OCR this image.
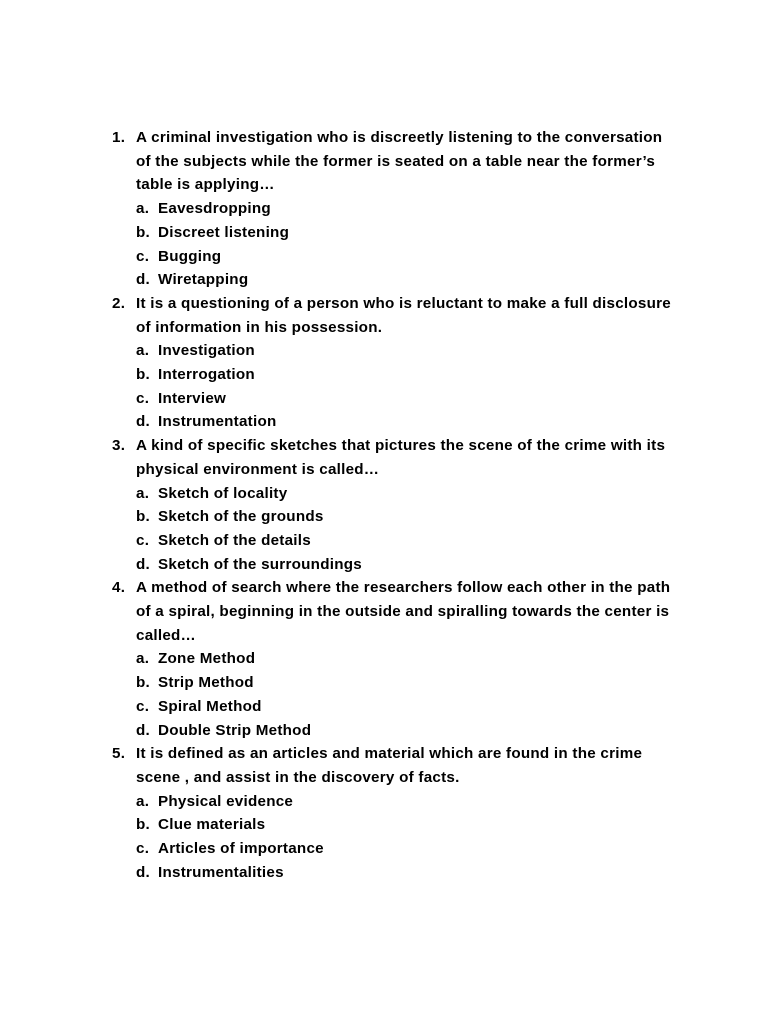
1. A criminal investigation who is discreetly listening to the conversation of the subjects while the former is seated on a table near the former’s table is applying…
a. Eavesdropping
b. Discreet listening
c. Bugging
d. Wiretapping
2. It is a questioning of a person who is reluctant to make a full disclosure of information in his possession.
a. Investigation
b. Interrogation
c. Interview
d. Instrumentation
3. A kind of specific sketches that pictures the scene of the crime with its physical environment is called…
a. Sketch of locality
b. Sketch of the grounds
c. Sketch of the details
d. Sketch of the surroundings
4. A method of search where the researchers follow each other in the path of a spiral, beginning in the outside and spiralling towards the center is called…
a. Zone Method
b. Strip Method
c. Spiral Method
d. Double Strip Method
5. It is defined as an articles and material which are found in the crime scene , and assist in the discovery of facts.
a. Physical evidence
b. Clue materials
c. Articles of importance
d. Instrumentalities
